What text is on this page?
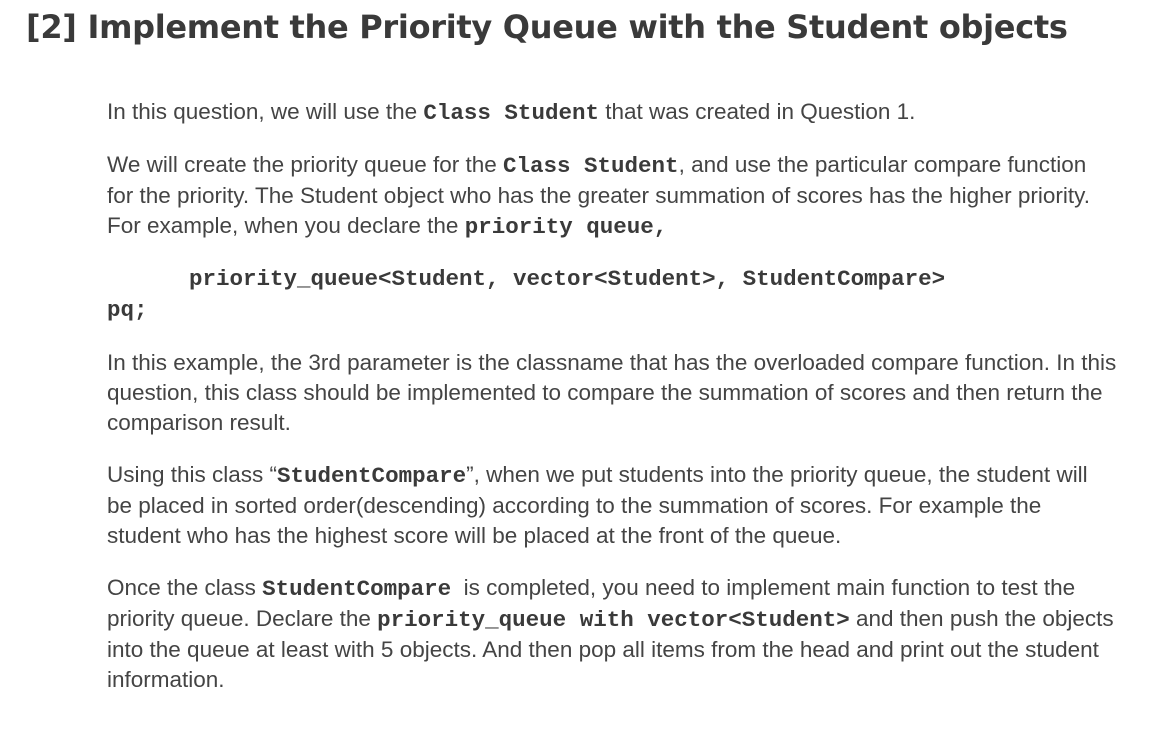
[2] Implement the Priority Queue with the Student objects

In this question, we will use the Class Student that was created in Question 1.

We will create the priority queue for the Class Student, and use the particular compare function for the priority. The Student object who has the greater summation of scores has the higher priority. For example, when you declare the priority queue,

priority_queue<Student, vector<Student>, StudentCompare>
pq;

In this example, the 3rd parameter is the classname that has the overloaded compare function. In this question, this class should be implemented to compare the summation of scores and then return the comparison result.

Using this class “StudentCompare”, when we put students into the priority queue, the student will be placed in sorted order(descending) according to the summation of scores. For example the student who has the highest score will be placed at the front of the queue.

Once the class StudentCompare  is completed, you need to implement main function to test the priority queue. Declare the priority_queue with vector<Student> and then push the objects into the queue at least with 5 objects. And then pop all items from the head and print out the student information.
